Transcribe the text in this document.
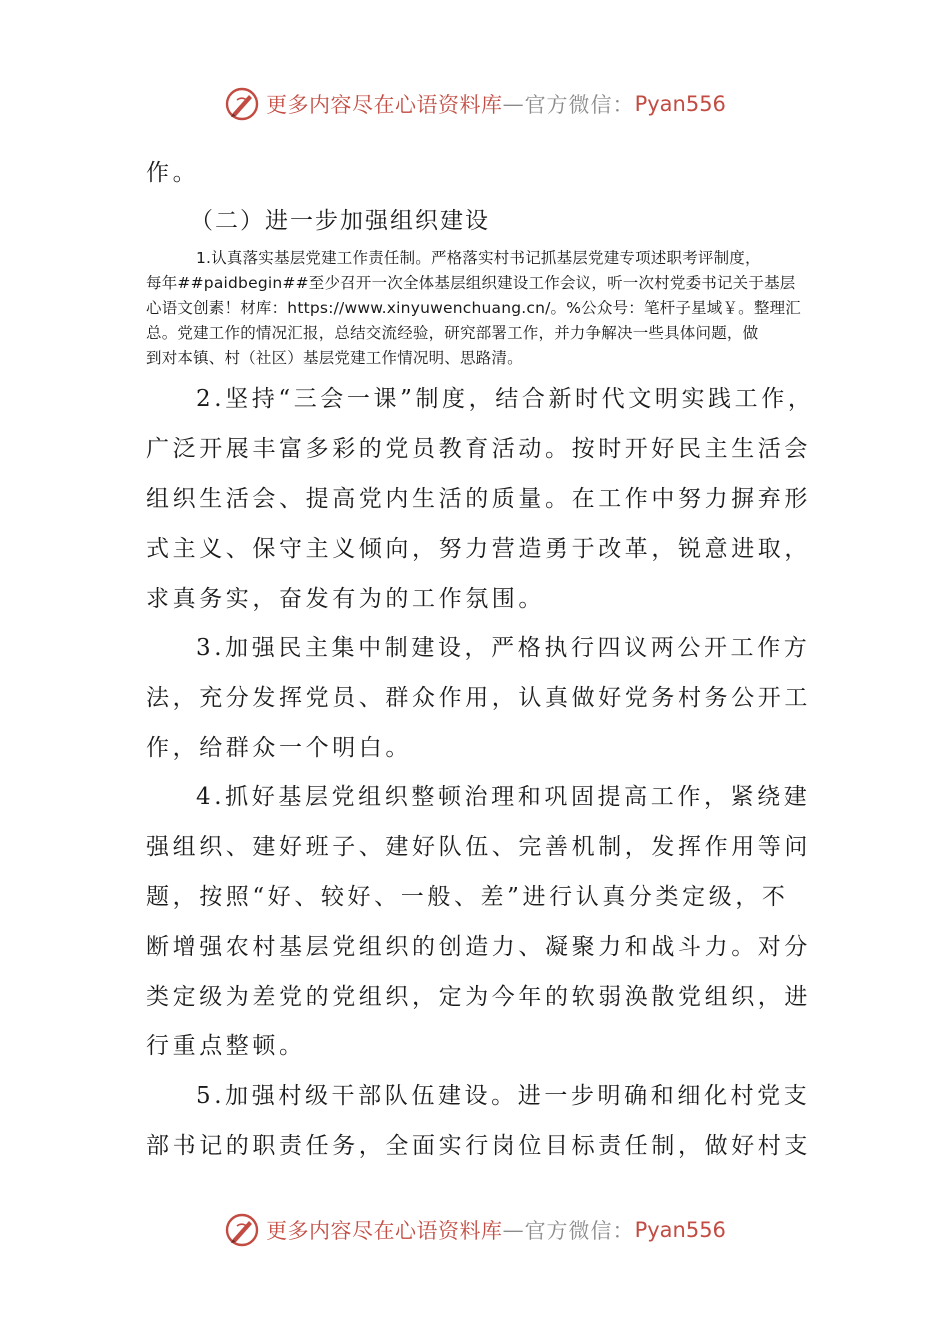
更多内容尽在心语资料库 — 官方微信： Pyan556
作。
（二）进一步加强组织建设
1.认真落实基层党建工作责任制。严格落实村书记抓基层党建专项述职考评制度，
每年##paidbegin##至少召开一次全体基层组织建设工作会议，听一次村党委书记关于基层
心语文创素！材库：https://www.xinyuwenchuang.cn/。%公众号：笔杆子星域￥。整理汇
总。党建工作的情况汇报，总结交流经验，研究部署工作，并力争解决一些具体问题，做
到对本镇、村（社区）基层党建工作情况明、思路清。
2.坚持“三会一课”制度，结合新时代文明实践工作，
广泛开展丰富多彩的党员教育活动。按时开好民主生活会
组织生活会、提高党内生活的质量。在工作中努力摒弃形
式主义、保守主义倾向，努力营造勇于改革，锐意进取，
求真务实，奋发有为的工作氛围。
3.加强民主集中制建设，严格执行四议两公开工作方
法，充分发挥党员、群众作用，认真做好党务村务公开工
作，给群众一个明白。
4.抓好基层党组织整顿治理和巩固提高工作，紧绕建
强组织、建好班子、建好队伍、完善机制，发挥作用等问
题，按照“好、较好、一般、差”进行认真分类定级，不
断增强农村基层党组织的创造力、凝聚力和战斗力。对分
类定级为差党的党组织，定为今年的软弱涣散党组织，进
行重点整顿。
5.加强村级干部队伍建设。进一步明确和细化村党支
部书记的职责任务，全面实行岗位目标责任制，做好村支
更多内容尽在心语资料库 — 官方微信： Pyan556
